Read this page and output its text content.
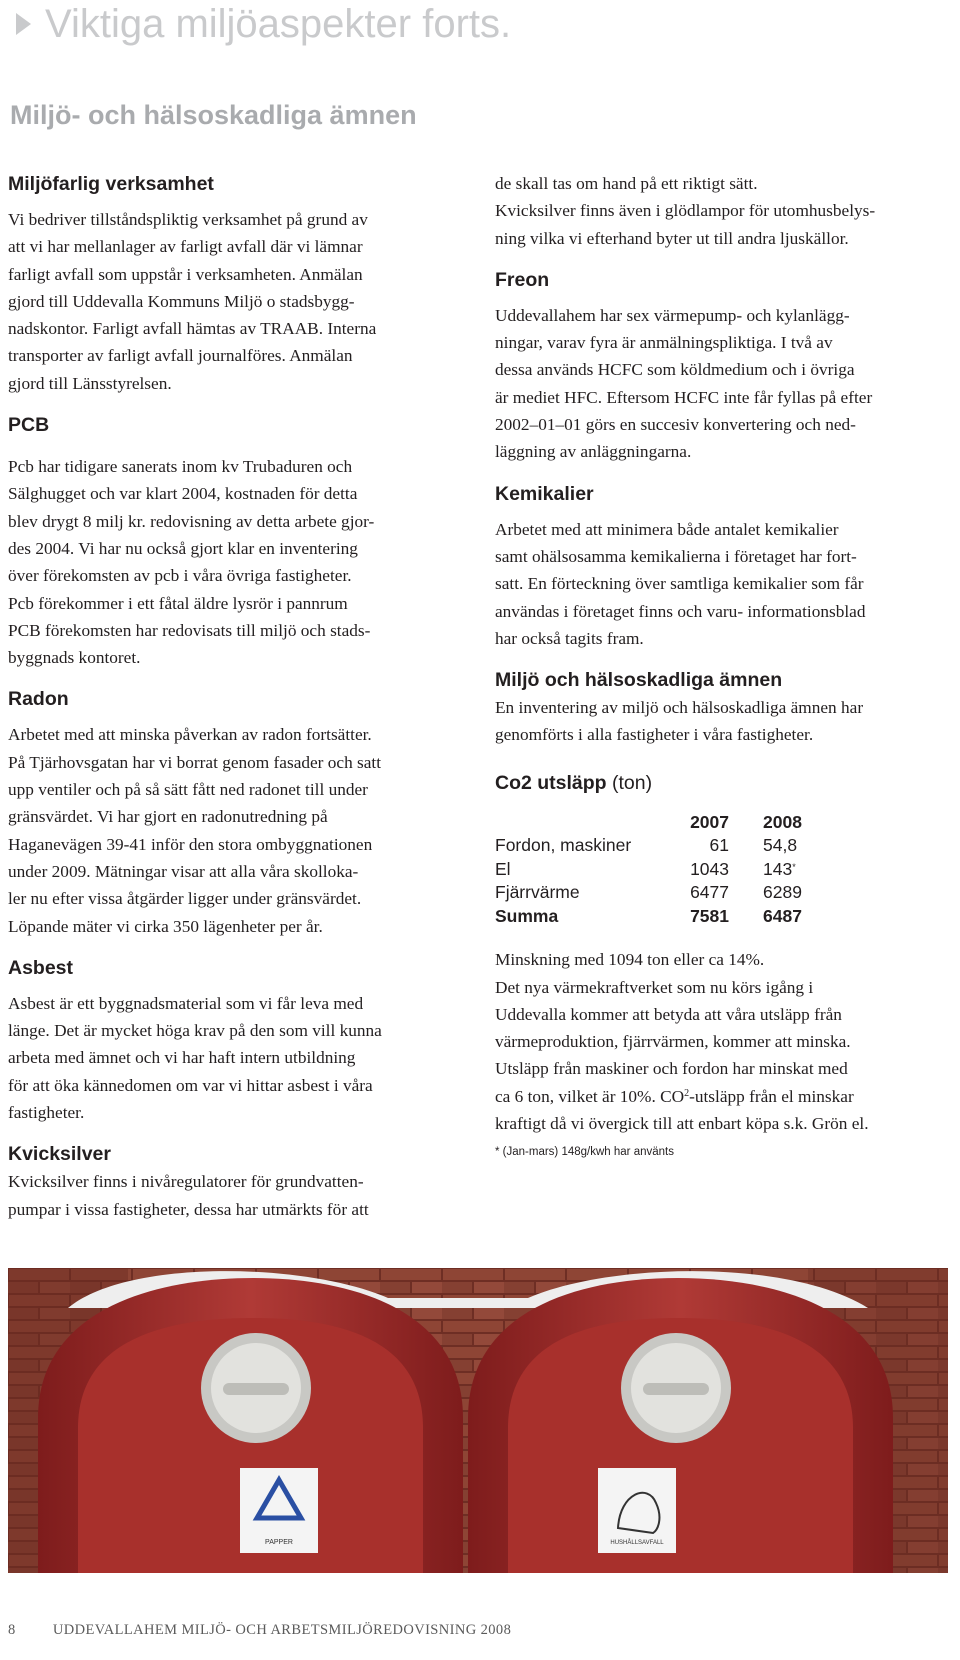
Viktiga miljöaspekter forts.
Miljö- och hälsoskadliga ämnen
Miljöfarlig verksamhet
Vi bedriver tillståndspliktig verksamhet på grund av
att vi har mellanlager av farligt avfall där vi lämnar
farligt avfall som uppstår i verksamheten. Anmälan
gjord till Uddevalla Kommuns Miljö o stadsbygg-
nadskontor. Farligt avfall hämtas av TRAAB. Interna
transporter av farligt avfall journalföres. Anmälan
gjord till Länsstyrelsen.
PCB
Pcb har tidigare sanerats inom kv Trubaduren och
Sälghugget och var klart 2004, kostnaden för detta
blev drygt 8 milj kr. redovisning av detta arbete gjor-
des 2004. Vi har nu också gjort klar en inventering
över förekomsten av pcb i våra övriga fastigheter.
Pcb förekommer i ett fåtal äldre lysrör i pannrum
PCB förekomsten har redovisats till miljö och stads-
byggnads kontoret.
Radon
Arbetet med att minska påverkan av radon fortsätter.
På Tjärhovsgatan har vi borrat genom fasader och satt
upp ventiler och på så sätt fått ned radonet till under
gränsvärdet. Vi har gjort en radonutredning på
Haganevägen 39-41 inför den stora ombyggnationen
under 2009. Mätningar visar att alla våra skolloka-
ler nu efter vissa åtgärder ligger under gränsvärdet.
Löpande mäter vi cirka 350 lägenheter per år.
Asbest
Asbest är ett byggnadsmaterial som vi får leva med
länge. Det är mycket höga krav på den som vill kunna
arbeta med ämnet och vi har haft intern utbildning
för att öka kännedomen om var vi hittar asbest i våra
fastigheter.
Kvicksilver
Kvicksilver finns i nivåregulatorer för grundvatten-
pumpar i vissa fastigheter, dessa har utmärkts för att
de skall tas om hand på ett riktigt sätt.
Kvicksilver finns även i glödlampor för utomhusbelys-
ning vilka vi efterhand byter ut till andra ljuskällor.
Freon
Uddevallahem har sex värmepump- och kylanlägg-
ningar, varav fyra är anmälningspliktiga. I två av
dessa används HCFC som köldmedium och i övriga
är mediet HFC. Eftersom HCFC inte får fyllas på efter
2002–01–01 görs en succesiv konvertering och ned-
läggning av anläggningarna.
Kemikalier
Arbetet med att minimera både antalet kemikalier
samt ohälsosamma kemikalierna i företaget har fort-
satt. En förteckning över samtliga kemikalier som får
användas i företaget finns och varu- informationsblad
har också tagits fram.
Miljö och hälsoskadliga ämnen
En inventering av miljö och hälsoskadliga ämnen har
genomförts i alla fastigheter i våra fastigheter.
Co2 utsläpp (ton)
	2007	2008
Fordon, maskiner	61	54,8
El	1043	143*
Fjärrvärme	6477	6289
Summa	7581	6487
Minskning med 1094 ton eller ca 14%.
Det nya värmekraftverket som nu körs igång i
Uddevalla kommer att betyda att våra utsläpp från
värmeproduktion, fjärrvärmen, kommer att minska.
Utsläpp från maskiner och fordon har minskat med
ca 6 ton, vilket är 10%. $CO^2$-utsläpp från el minskar
kraftigt då vi övergick till att enbart köpa s.k. Grön el.
* (Jan-mars) 148g/kwh har använts
PAPPER	HUSHÅLLSAVFALL
8	UDDEVALLAHEM MILJÖ- OCH ARBETSMILJÖREDOVISNING 2008
